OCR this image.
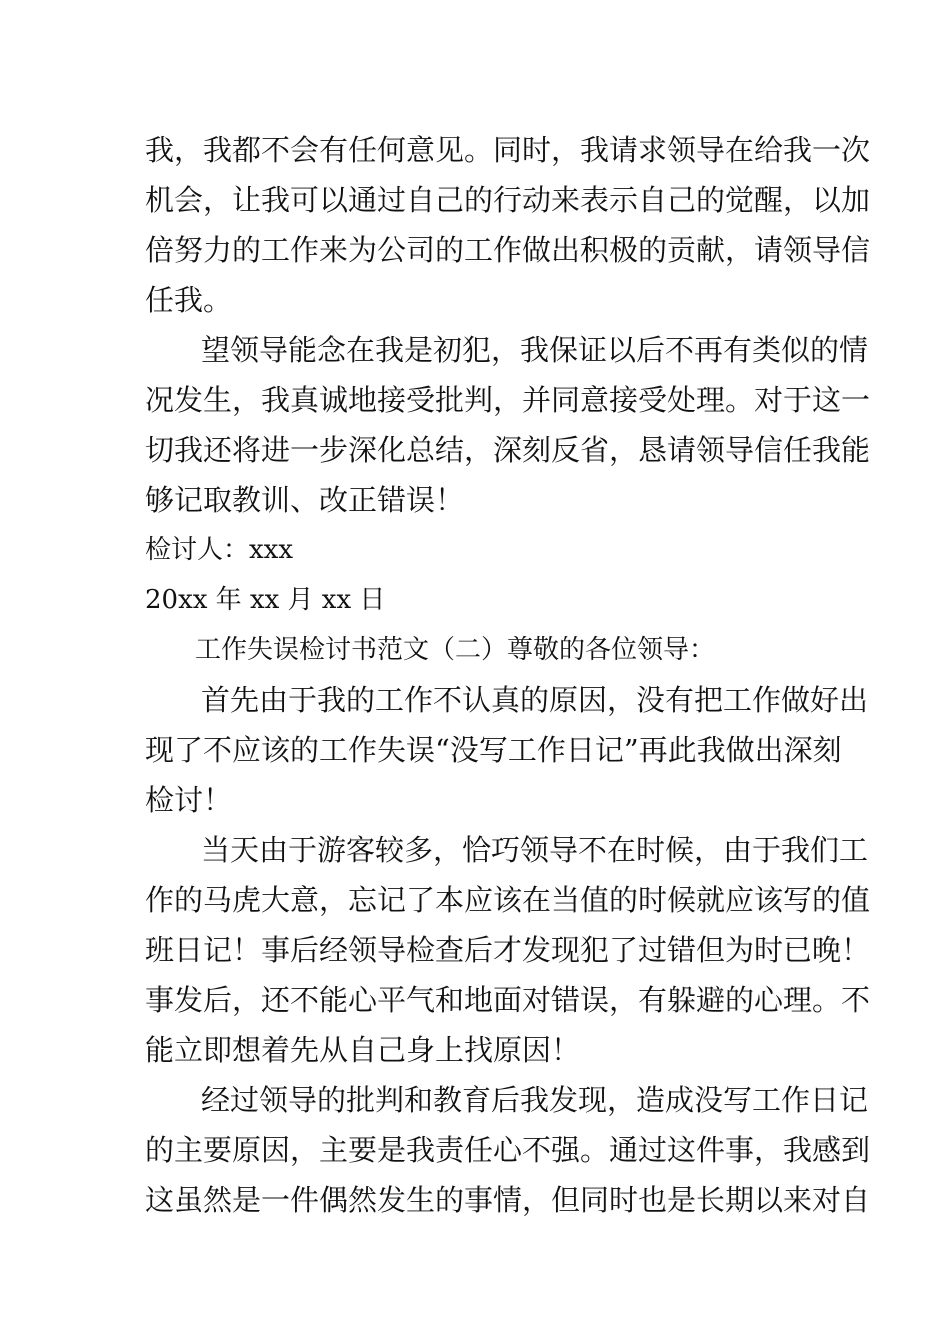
我，我都不会有任何意见。同时，我请求领导在给我一次
机会，让我可以通过自己的行动来表示自己的觉醒，以加
倍努力的工作来为公司的工作做出积极的贡献，请领导信
任我。
望领导能念在我是初犯，我保证以后不再有类似的情
况发生，我真诚地接受批判，并同意接受处理。对于这一
切我还将进一步深化总结，深刻反省，恳请领导信任我能
够记取教训、改正错误！
检讨人：xxx
20xx 年 xx 月 xx 日
工作失误检讨书范文（二）尊敬的各位领导：
首先由于我的工作不认真的原因，没有把工作做好出
现了不应该的工作失误“没写工作日记”再此我做出深刻
检讨！
当天由于游客较多，恰巧领导不在时候，由于我们工
作的马虎大意，忘记了本应该在当值的时候就应该写的值
班日记！事后经领导检查后才发现犯了过错但为时已晚！
事发后，还不能心平气和地面对错误，有躲避的心理。不
能立即想着先从自己身上找原因！
经过领导的批判和教育后我发现，造成没写工作日记
的主要原因，主要是我责任心不强。通过这件事，我感到
这虽然是一件偶然发生的事情，但同时也是长期以来对自
